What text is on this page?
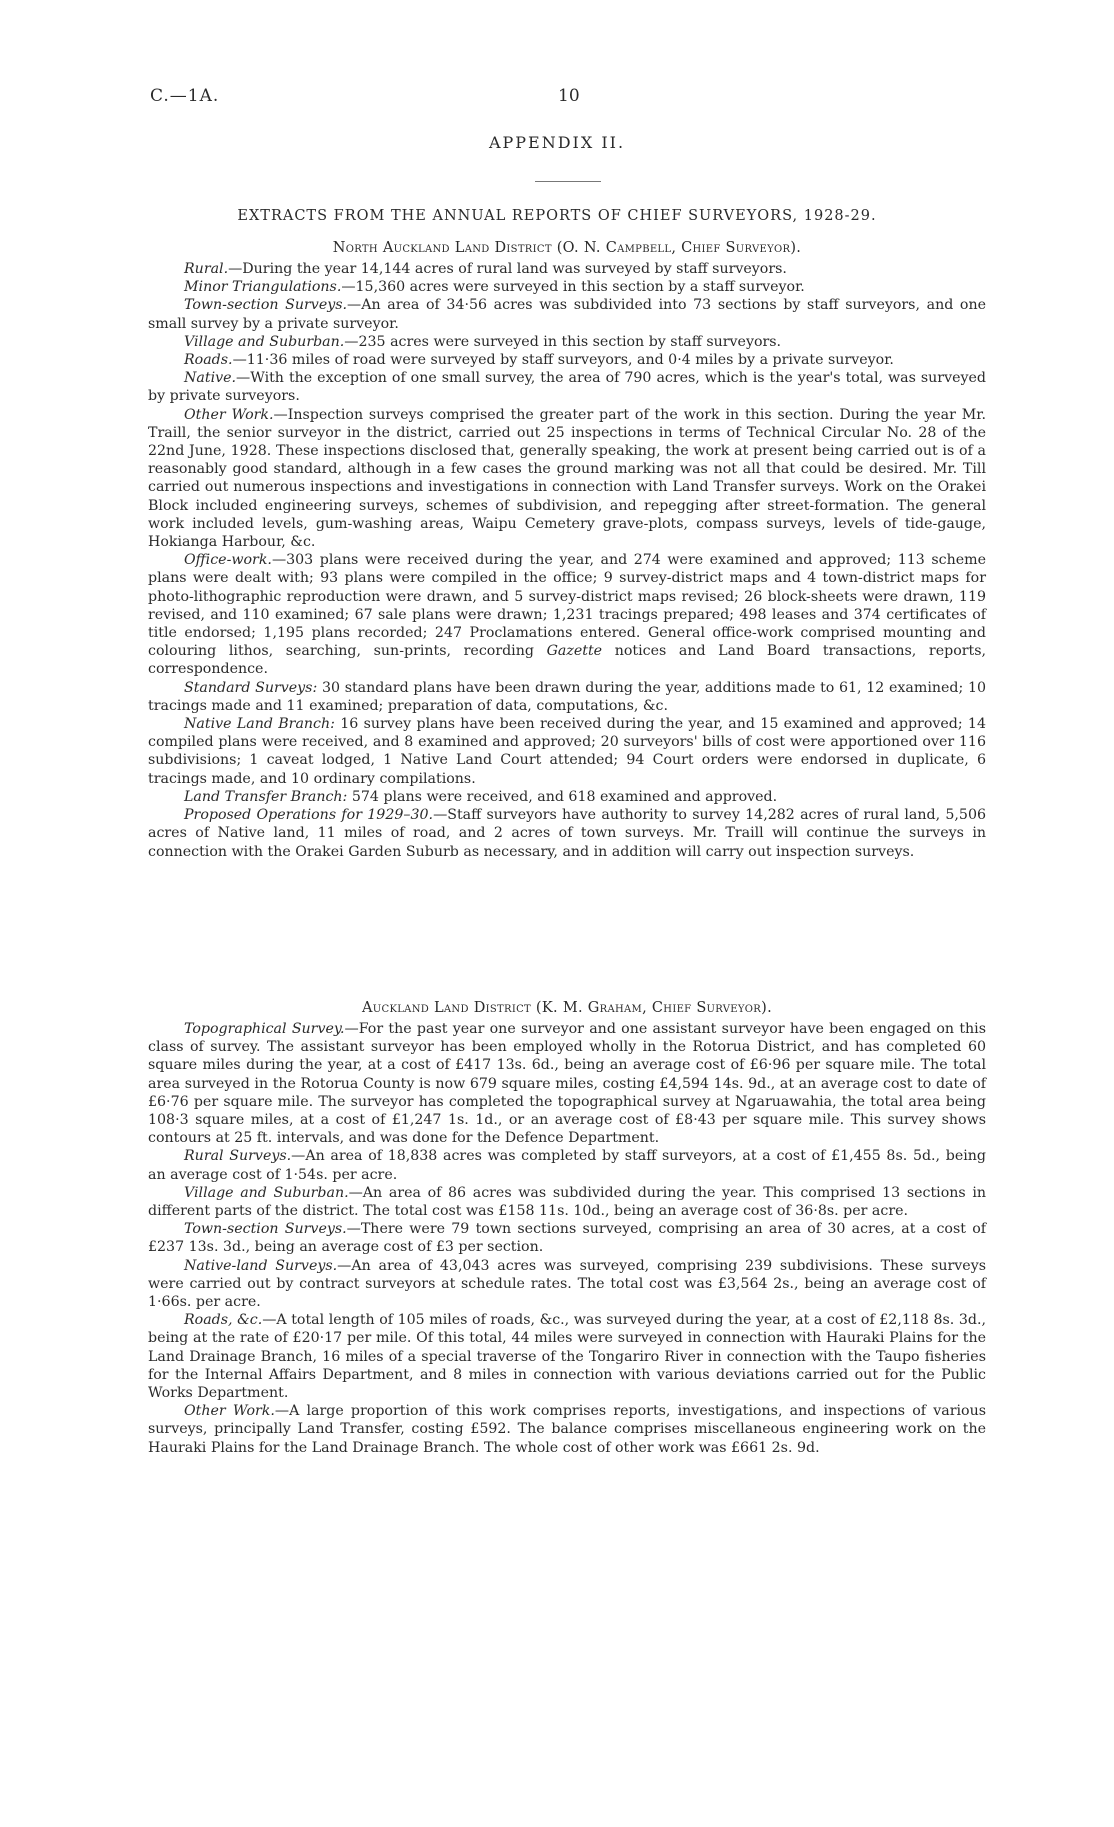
C.—1A.	10
APPENDIX II.
EXTRACTS FROM THE ANNUAL REPORTS OF CHIEF SURVEYORS, 1928-29.
North Auckland Land District (O. N. Campbell, Chief Surveyor).

Rural.—During the year 14,144 acres of rural land was surveyed by staff surveyors.

Minor Triangulations.—15,360 acres were surveyed in this section by a staff surveyor.

Town-section Surveys.—An area of 34·56 acres was subdivided into 73 sections by staff surveyors, and one small survey by a private surveyor.

Village and Suburban.—235 acres were surveyed in this section by staff surveyors.

Roads.—11·36 miles of road were surveyed by staff surveyors, and 0·4 miles by a private surveyor.

Native.—With the exception of one small survey, the area of 790 acres, which is the year's total, was surveyed by private surveyors.

Other Work.—Inspection surveys comprised the greater part of the work in this section. During the year Mr. Traill, the senior surveyor in the district, carried out 25 inspections in terms of Technical Circular No. 28 of the 22nd June, 1928. These inspections disclosed that, generally speaking, the work at present being carried out is of a reasonably good standard, although in a few cases the ground marking was not all that could be desired. Mr. Till carried out numerous inspections and investigations in connection with Land Transfer surveys. Work on the Orakei Block included engineering surveys, schemes of subdivision, and repegging after street-formation. The general work included levels, gum-washing areas, Waipu Cemetery grave-plots, compass surveys, levels of tide-gauge, Hokianga Harbour, &c.

Office-work.—303 plans were received during the year, and 274 were examined and approved; 113 scheme plans were dealt with; 93 plans were compiled in the office; 9 survey-district maps and 4 town-district maps for photo-lithographic reproduction were drawn, and 5 survey-district maps revised; 26 block-sheets were drawn, 119 revised, and 110 examined; 67 sale plans were drawn; 1,231 tracings prepared; 498 leases and 374 certificates of title endorsed; 1,195 plans recorded; 247 Proclamations entered. General office-work comprised mounting and colouring lithos, searching, sun-prints, recording Gazette notices and Land Board transactions, reports, correspondence.

Standard Surveys: 30 standard plans have been drawn during the year, additions made to 61, 12 examined; 10 tracings made and 11 examined; preparation of data, computations, &c.

Native Land Branch: 16 survey plans have been received during the year, and 15 examined and approved; 14 compiled plans were received, and 8 examined and approved; 20 surveyors' bills of cost were apportioned over 116 subdivisions; 1 caveat lodged, 1 Native Land Court attended; 94 Court orders were endorsed in duplicate, 6 tracings made, and 10 ordinary compilations.

Land Transfer Branch: 574 plans were received, and 618 examined and approved.

Proposed Operations for 1929–30.—Staff surveyors have authority to survey 14,282 acres of rural land, 5,506 acres of Native land, 11 miles of road, and 2 acres of town surveys. Mr. Traill will continue the surveys in connection with the Orakei Garden Suburb as necessary, and in addition will carry out inspection surveys.

Auckland Land District (K. M. Graham, Chief Surveyor).

Topographical Survey.—For the past year one surveyor and one assistant surveyor have been engaged on this class of survey. The assistant surveyor has been employed wholly in the Rotorua District, and has completed 60 square miles during the year, at a cost of £417 13s. 6d., being an average cost of £6·96 per square mile. The total area surveyed in the Rotorua County is now 679 square miles, costing £4,594 14s. 9d., at an average cost to date of £6·76 per square mile. The surveyor has completed the topographical survey at Ngaruawahia, the total area being 108·3 square miles, at a cost of £1,247 1s. 1d., or an average cost of £8·43 per square mile. This survey shows contours at 25 ft. intervals, and was done for the Defence Department.

Rural Surveys.—An area of 18,838 acres was completed by staff surveyors, at a cost of £1,455 8s. 5d., being an average cost of 1·54s. per acre.

Village and Suburban.—An area of 86 acres was subdivided during the year. This comprised 13 sections in different parts of the district. The total cost was £158 11s. 10d., being an average cost of 36·8s. per acre.

Town-section Surveys.—There were 79 town sections surveyed, comprising an area of 30 acres, at a cost of £237 13s. 3d., being an average cost of £3 per section.

Native-land Surveys.—An area of 43,043 acres was surveyed, comprising 239 subdivisions. These surveys were carried out by contract surveyors at schedule rates. The total cost was £3,564 2s., being an average cost of 1·66s. per acre.

Roads, &c.—A total length of 105 miles of roads, &c., was surveyed during the year, at a cost of £2,118 8s. 3d., being at the rate of £20·17 per mile. Of this total, 44 miles were surveyed in connection with Hauraki Plains for the Land Drainage Branch, 16 miles of a special traverse of the Tongariro River in connection with the Taupo fisheries for the Internal Affairs Department, and 8 miles in connection with various deviations carried out for the Public Works Department.

Other Work.—A large proportion of this work comprises reports, investigations, and inspections of various surveys, principally Land Transfer, costing £592. The balance comprises miscellaneous engineering work on the Hauraki Plains for the Land Drainage Branch. The whole cost of other work was £661 2s. 9d.
